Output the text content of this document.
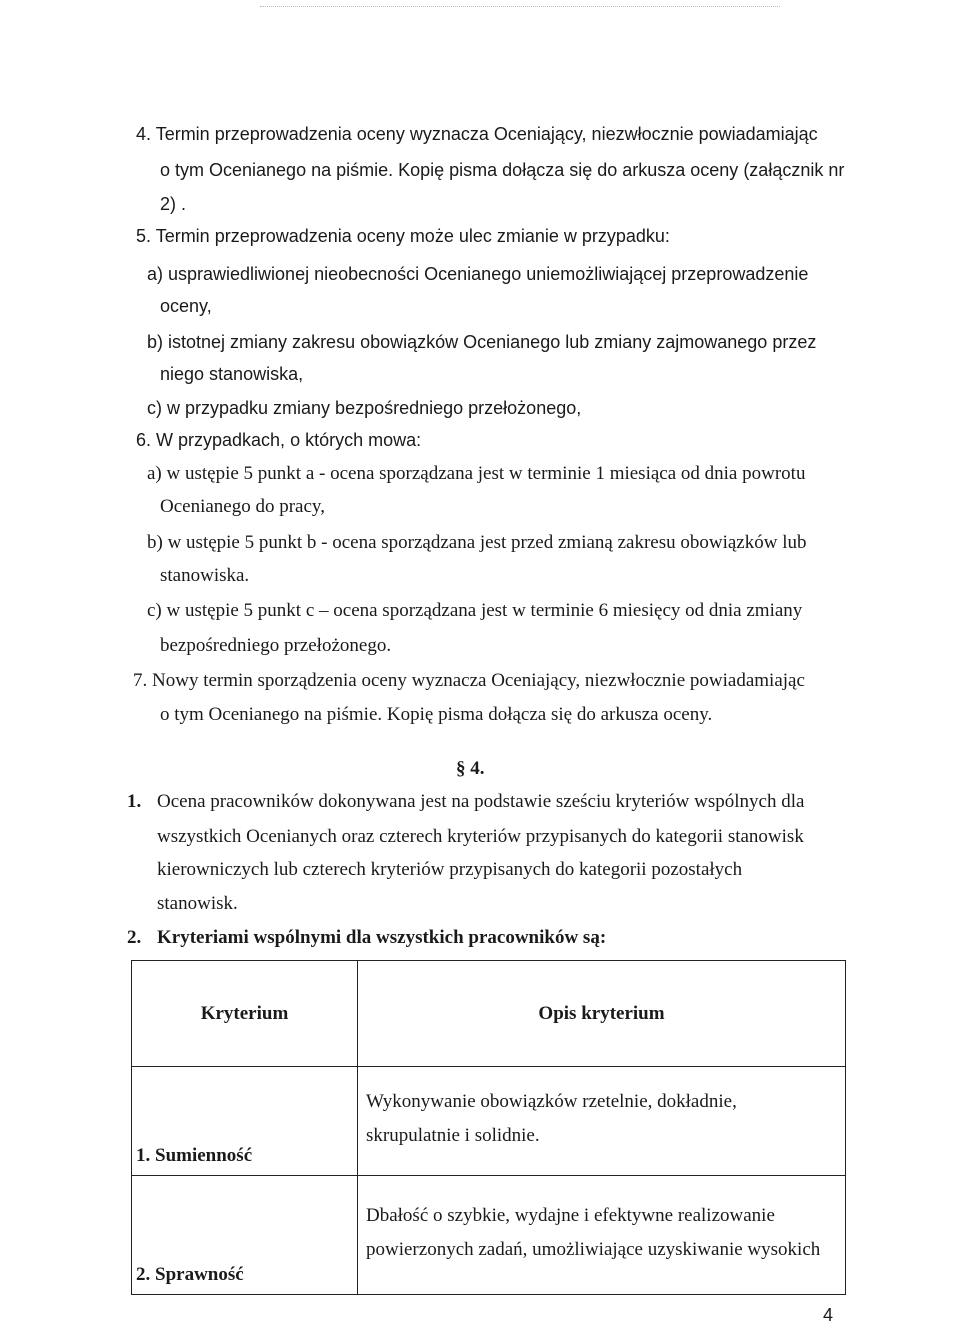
4. Termin przeprowadzenia oceny wyznacza Oceniający, niezwłocznie powiadamiając
o tym Ocenianego na piśmie. Kopię pisma dołącza się do arkusza oceny (załącznik nr
2) .
5. Termin przeprowadzenia oceny może ulec zmianie w przypadku:
a) usprawiedliwionej nieobecności Ocenianego uniemożliwiającej przeprowadzenie
oceny,
b) istotnej zmiany zakresu obowiązków Ocenianego lub zmiany zajmowanego przez
niego stanowiska,
c) w przypadku zmiany bezpośredniego przełożonego,
6. W przypadkach, o których mowa:
a) w ustępie 5 punkt a - ocena sporządzana jest w terminie 1 miesiąca od dnia powrotu
Ocenianego do pracy,
b) w ustępie 5 punkt b - ocena sporządzana jest przed zmianą zakresu obowiązków lub
stanowiska.
c) w ustępie 5 punkt c – ocena sporządzana jest w terminie 6 miesięcy od dnia zmiany
bezpośredniego przełożonego.
7. Nowy termin sporządzenia oceny wyznacza Oceniający, niezwłocznie powiadamiając
o tym Ocenianego na piśmie. Kopię pisma dołącza się do arkusza oceny.
§ 4.
1. Ocena pracowników dokonywana jest na podstawie sześciu kryteriów wspólnych dla
wszystkich Ocenianych oraz czterech kryteriów przypisanych do kategorii stanowisk
kierowniczych lub czterech kryteriów przypisanych do kategorii pozostałych
stanowisk.
2. Kryteriami wspólnymi dla wszystkich pracowników są:
Kryterium	Opis kryterium
1. Sumienność	Wykonywanie obowiązków rzetelnie, dokładnie,
skrupulatnie i solidnie.

2. Sprawność	Dbałość o szybkie, wydajne i efektywne realizowanie
powierzonych zadań, umożliwiające uzyskiwanie wysokich
4
